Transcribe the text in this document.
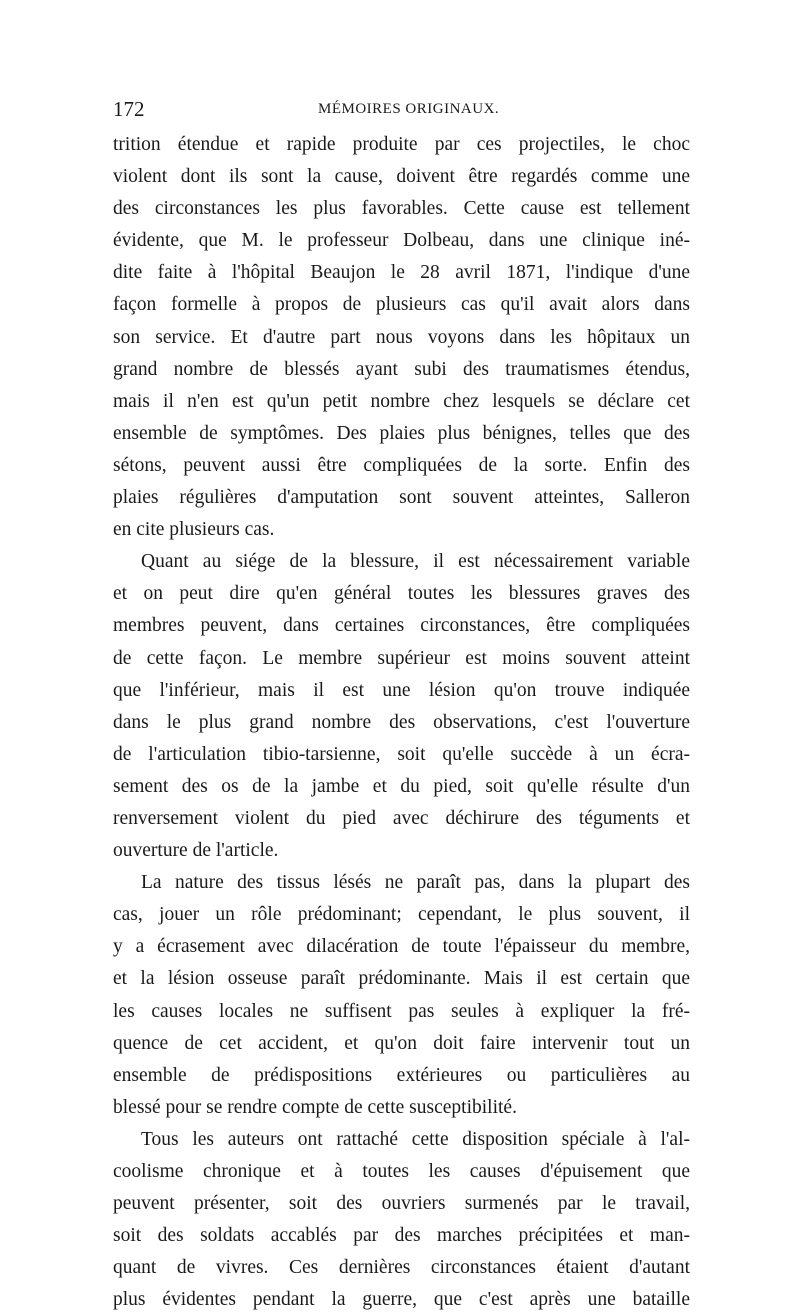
172	MÉMOIRES ORIGINAUX.
trition étendue et rapide produite par ces projectiles, le choc
violent dont ils sont la cause, doivent être regardés comme une
des circonstances les plus favorables. Cette cause est tellement
évidente, que M. le professeur Dolbeau, dans une clinique iné-
dite faite à l'hôpital Beaujon le 28 avril 1871, l'indique d'une
façon formelle à propos de plusieurs cas qu'il avait alors dans
son service. Et d'autre part nous voyons dans les hôpitaux un
grand nombre de blessés ayant subi des traumatismes étendus,
mais il n'en est qu'un petit nombre chez lesquels se déclare cet
ensemble de symptômes. Des plaies plus bénignes, telles que des
sétons, peuvent aussi être compliquées de la sorte. Enfin des
plaies régulières d'amputation sont souvent atteintes, Salleron
en cite plusieurs cas.
Quant au siége de la blessure, il est nécessairement variable
et on peut dire qu'en général toutes les blessures graves des
membres peuvent, dans certaines circonstances, être compliquées
de cette façon. Le membre supérieur est moins souvent atteint
que l'inférieur, mais il est une lésion qu'on trouve indiquée
dans le plus grand nombre des observations, c'est l'ouverture
de l'articulation tibio-tarsienne, soit qu'elle succède à un écra-
sement des os de la jambe et du pied, soit qu'elle résulte d'un
renversement violent du pied avec déchirure des téguments et
ouverture de l'article.
La nature des tissus lésés ne paraît pas, dans la plupart des
cas, jouer un rôle prédominant; cependant, le plus souvent, il
y a écrasement avec dilacération de toute l'épaisseur du membre,
et la lésion osseuse paraît prédominante. Mais il est certain que
les causes locales ne suffisent pas seules à expliquer la fré-
quence de cet accident, et qu'on doit faire intervenir tout un
ensemble de prédispositions extérieures ou particulières au
blessé pour se rendre compte de cette susceptibilité.
Tous les auteurs ont rattaché cette disposition spéciale à l'al-
coolisme chronique et à toutes les causes d'épuisement que
peuvent présenter, soit des ouvriers surmenés par le travail,
soit des soldats accablés par des marches précipitées et man-
quant de vivres. Ces dernières circonstances étaient d'autant
plus évidentes pendant la guerre, que c'est après une bataille
